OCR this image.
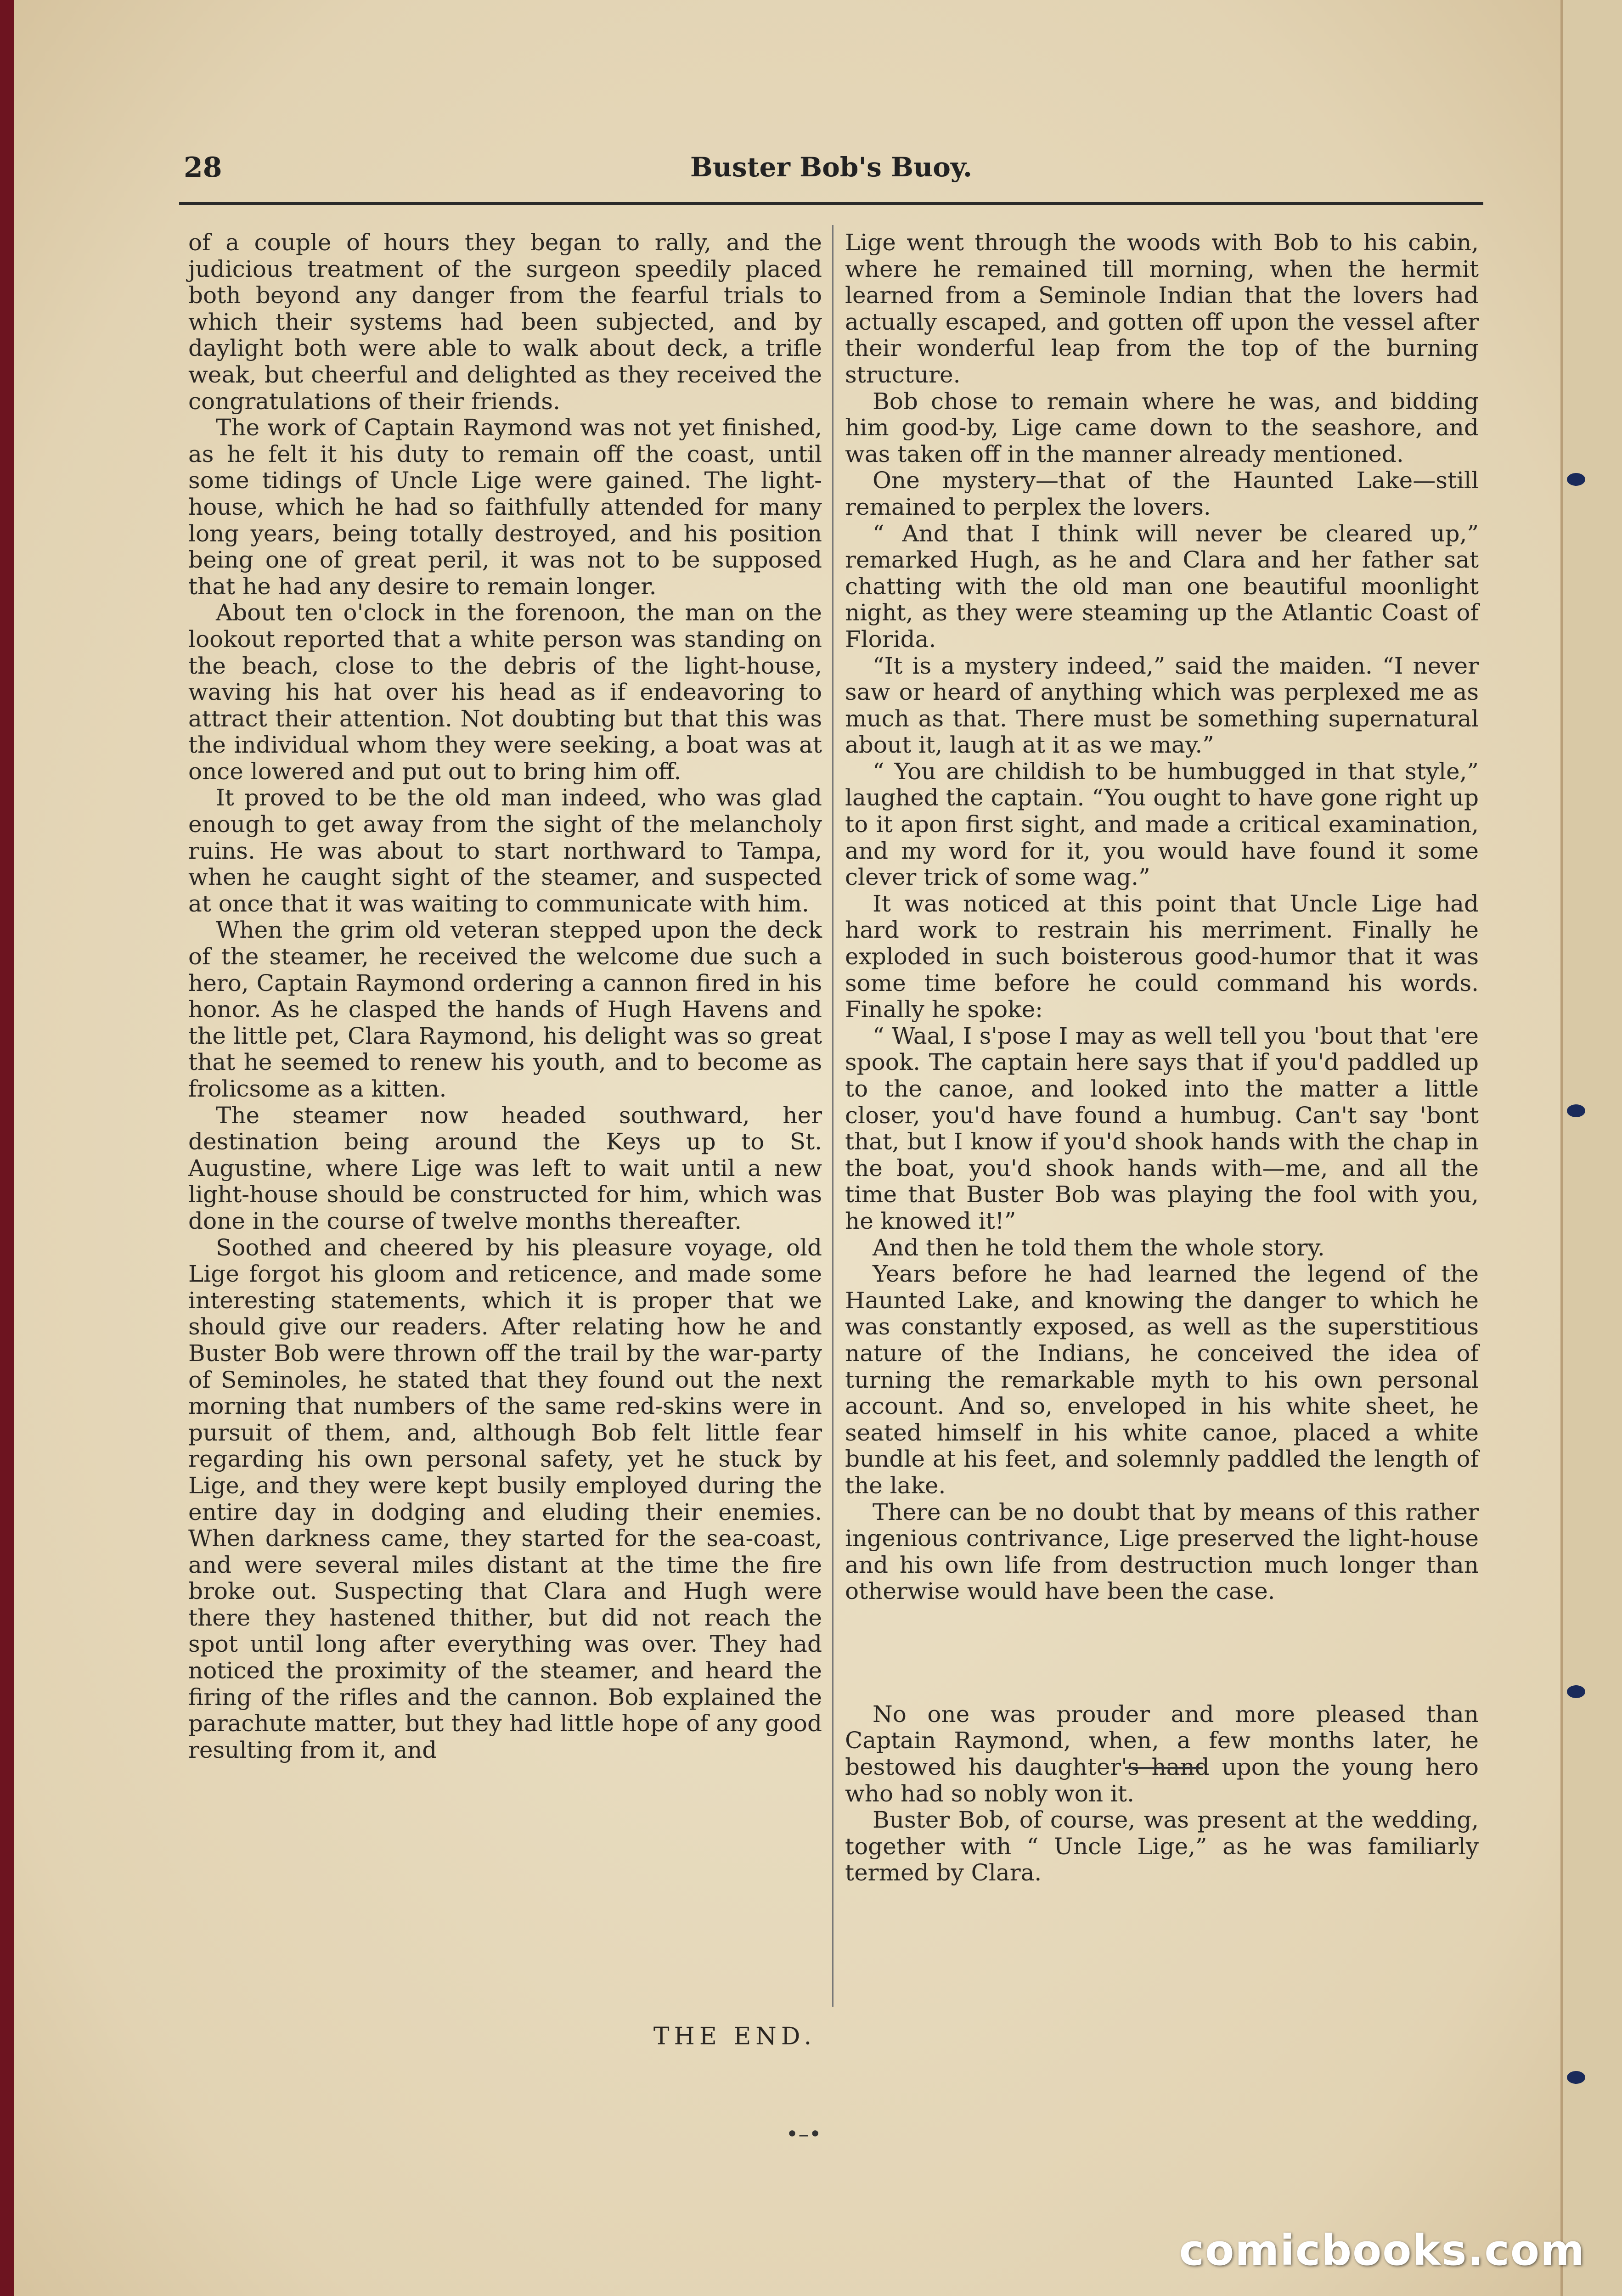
28	Buster Bob's Buoy.

of a couple of hours they began to rally, and the judicious treatment of the surgeon speedily placed both beyond any danger from the fearful trials to which their systems had been subjected, and by daylight both were able to walk about deck, a trifle weak, but cheerful and delighted as they received the congratulations of their friends.

The work of Captain Raymond was not yet finished, as he felt it his duty to remain off the coast, until some tidings of Uncle Lige were gained. The light-house, which he had so faithfully attended for many long years, being totally destroyed, and his position being one of great peril, it was not to be supposed that he had any desire to remain longer.

About ten o'clock in the forenoon, the man on the lookout reported that a white person was standing on the beach, close to the debris of the light-house, waving his hat over his head as if endeavoring to attract their attention. Not doubting but that this was the individual whom they were seeking, a boat was at once lowered and put out to bring him off.

It proved to be the old man indeed, who was glad enough to get away from the sight of the melancholy ruins. He was about to start northward to Tampa, when he caught sight of the steamer, and suspected at once that it was waiting to communicate with him.

When the grim old veteran stepped upon the deck of the steamer, he received the welcome due such a hero, Captain Raymond ordering a cannon fired in his honor. As he clasped the hands of Hugh Havens and the little pet, Clara Raymond, his delight was so great that he seemed to renew his youth, and to become as frolicsome as a kitten.

The steamer now headed southward, her destination being around the Keys up to St. Augustine, where Lige was left to wait until a new light-house should be constructed for him, which was done in the course of twelve months thereafter.

Soothed and cheered by his pleasure voyage, old Lige forgot his gloom and reticence, and made some interesting statements, which it is proper that we should give our readers. After relating how he and Buster Bob were thrown off the trail by the war-party of Seminoles, he stated that they found out the next morning that numbers of the same red-skins were in pursuit of them, and, although Bob felt little fear regarding his own personal safety, yet he stuck by Lige, and they were kept busily employed during the entire day in dodging and eluding their enemies. When darkness came, they started for the sea-coast, and were several miles distant at the time the fire broke out. Suspecting that Clara and Hugh were there they hastened thither, but did not reach the spot until long after everything was over. They had noticed the proximity of the steamer, and heard the firing of the rifles and the cannon. Bob explained the parachute matter, but they had little hope of any good resulting from it, and

Lige went through the woods with Bob to his cabin, where he remained till morning, when the hermit learned from a Seminole Indian that the lovers had actually escaped, and gotten off upon the vessel after their wonderful leap from the top of the burning structure.

Bob chose to remain where he was, and bidding him good-by, Lige came down to the seashore, and was taken off in the manner already mentioned.

One mystery—that of the Haunted Lake—still remained to perplex the lovers.

“ And that I think will never be cleared up,” remarked Hugh, as he and Clara and her father sat chatting with the old man one beautiful moonlight night, as they were steaming up the Atlantic Coast of Florida.

“It is a mystery indeed,” said the maiden. “I never saw or heard of anything which was perplexed me as much as that. There must be something supernatural about it, laugh at it as we may.”

“ You are childish to be humbugged in that style,” laughed the captain. “You ought to have gone right up to it apon first sight, and made a critical examination, and my word for it, you would have found it some clever trick of some wag.”

It was noticed at this point that Uncle Lige had hard work to restrain his merriment. Finally he exploded in such boisterous good-humor that it was some time before he could command his words. Finally he spoke:

“ Waal, I s'pose I may as well tell you 'bout that 'ere spook. The captain here says that if you'd paddled up to the canoe, and looked into the matter a little closer, you'd have found a humbug. Can't say 'bont that, but I know if you'd shook hands with the chap in the boat, you'd shook hands with—me, and all the time that Buster Bob was playing the fool with you, he knowed it!”

And then he told them the whole story.

Years before he had learned the legend of the Haunted Lake, and knowing the danger to which he was constantly exposed, as well as the superstitious nature of the Indians, he conceived the idea of turning the remarkable myth to his own personal account. And so, enveloped in his white sheet, he seated himself in his white canoe, placed a white bundle at his feet, and solemnly paddled the length of the lake.

There can be no doubt that by means of this rather ingenious contrivance, Lige preserved the light-house and his own life from destruction much longer than otherwise would have been the case.

No one was prouder and more pleased than Captain Raymond, when, a few months later, he bestowed his daughter's hand upon the young hero who had so nobly won it.

Buster Bob, of course, was present at the wedding, together with “ Uncle Lige,” as he was familiarly termed by Clara.

THE END.
•–•
comicbooks.com
